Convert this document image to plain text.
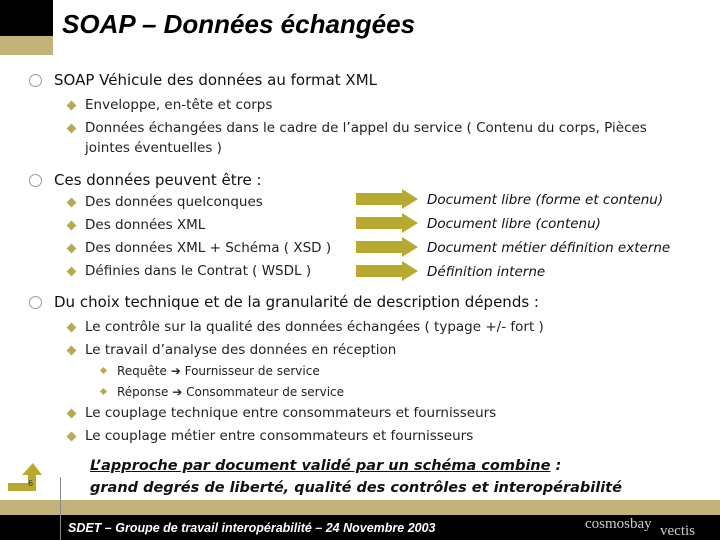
SOAP – Données échangées
SOAP Véhicule des données au format XML
Enveloppe, en-tête et corps
Données échangées dans le cadre de l’appel du service ( Contenu du corps, Pièces
jointes éventuelles )
Ces données peuvent être :
Des données quelconques
Des données XML
Des données XML + Schéma ( XSD )
Définies dans le Contrat ( WSDL )
Document libre (forme et contenu)
Document libre (contenu)
Document métier définition externe
Définition interne
Du choix technique et de la granularité de description dépends :
Le contrôle sur la qualité des données échangées ( typage +/- fort )
Le travail d’analyse des données en réception
Requête ➔ Fournisseur de service
Réponse ➔ Consommateur de service
Le couplage technique entre consommateurs et fournisseurs
Le couplage métier entre consommateurs et fournisseurs
6
SDET – Groupe de travail interopérabilité – 24 Novembre 2003	cosmosbay vectis
L’approche par document validé par un schéma combine :
grand degrés de liberté, qualité des contrôles et interopérabilité
